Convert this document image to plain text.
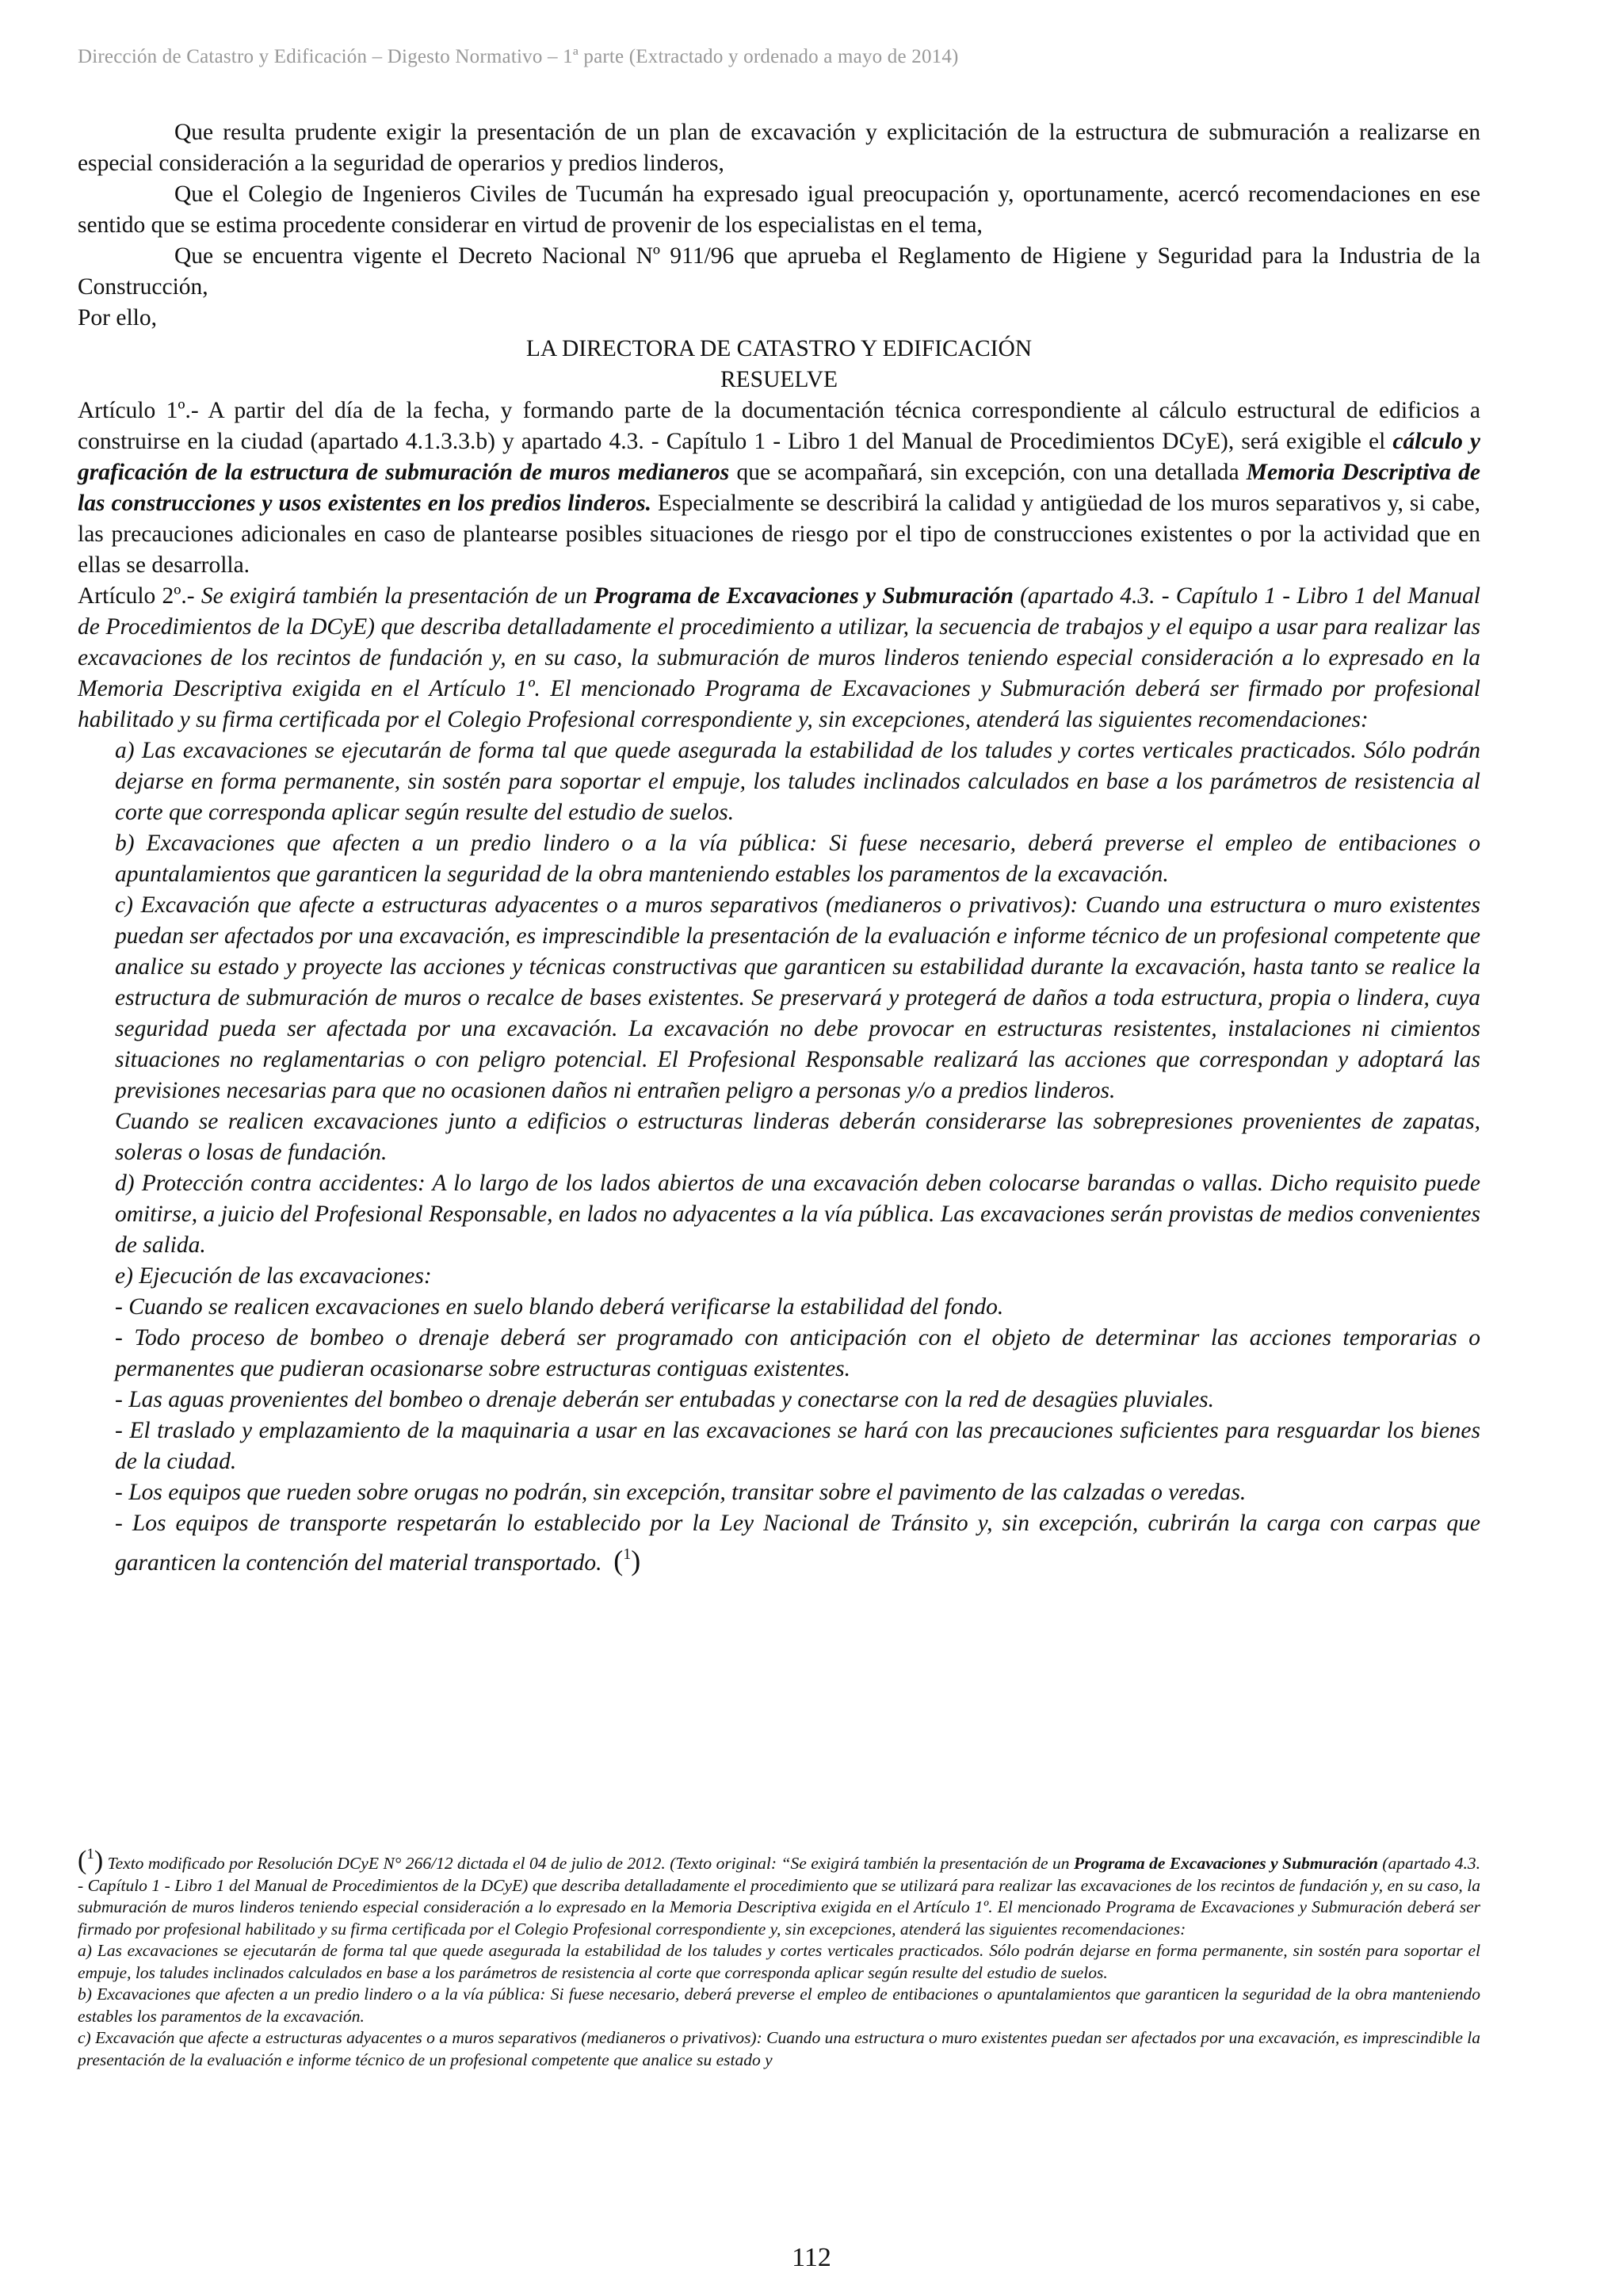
Dirección de Catastro y Edificación – Digesto Normativo – 1ª parte (Extractado y ordenado a mayo de 2014)

Que resulta prudente exigir la presentación de un plan de excavación y explicitación de la estructura de submuración a realizarse en especial consideración a la seguridad de operarios y predios linderos,

Que el Colegio de Ingenieros Civiles de Tucumán ha expresado igual preocupación y, oportunamente, acercó recomendaciones en ese sentido que se estima procedente considerar en virtud de provenir de los especialistas en el tema,

Que se encuentra vigente el Decreto Nacional Nº 911/96 que aprueba el Reglamento de Higiene y Seguridad para la Industria de la Construcción,

Por ello,

LA DIRECTORA DE CATASTRO Y EDIFICACIÓN

RESUELVE

Artículo 1º.- A partir del día de la fecha, y formando parte de la documentación técnica correspondiente al cálculo estructural de edificios a construirse en la ciudad (apartado 4.1.3.3.b) y apartado 4.3. - Capítulo 1 - Libro 1 del Manual de Procedimientos DCyE), será exigible el cálculo y graficación de la estructura de submuración de muros medianeros que se acompañará, sin excepción, con una detallada Memoria Descriptiva de las construcciones y usos existentes en los predios linderos. Especialmente se describirá la calidad y antigüedad de los muros separativos y, si cabe, las precauciones adicionales en caso de plantearse posibles situaciones de riesgo por el tipo de construcciones existentes o por la actividad que en ellas se desarrolla.

Artículo 2º.- Se exigirá también la presentación de un Programa de Excavaciones y Submuración (apartado 4.3. - Capítulo 1 - Libro 1 del Manual de Procedimientos de la DCyE) que describa detalladamente el procedimiento a utilizar, la secuencia de trabajos y el equipo a usar para realizar las excavaciones de los recintos de fundación y, en su caso, la submuración de muros linderos teniendo especial consideración a lo expresado en la Memoria Descriptiva exigida en el Artículo 1º. El mencionado Programa de Excavaciones y Submuración deberá ser firmado por profesional habilitado y su firma certificada por el Colegio Profesional correspondiente y, sin excepciones, atenderá las siguientes recomendaciones:

a) Las excavaciones se ejecutarán de forma tal que quede asegurada la estabilidad de los taludes y cortes verticales practicados. Sólo podrán dejarse en forma permanente, sin sostén para soportar el empuje, los taludes inclinados calculados en base a los parámetros de resistencia al corte que corresponda aplicar según resulte del estudio de suelos.

b) Excavaciones que afecten a un predio lindero o a la vía pública: Si fuese necesario, deberá preverse el empleo de entibaciones o apuntalamientos que garanticen la seguridad de la obra manteniendo estables los paramentos de la excavación.

c) Excavación que afecte a estructuras adyacentes o a muros separativos (medianeros o privativos): Cuando una estructura o muro existentes puedan ser afectados por una excavación, es imprescindible la presentación de la evaluación e informe técnico de un profesional competente que analice su estado y proyecte las acciones y técnicas constructivas que garanticen su estabilidad durante la excavación, hasta tanto se realice la estructura de submuración de muros o recalce de bases existentes. Se preservará y protegerá de daños a toda estructura, propia o lindera, cuya seguridad pueda ser afectada por una excavación. La excavación no debe provocar en estructuras resistentes, instalaciones ni cimientos situaciones no reglamentarias o con peligro potencial. El Profesional Responsable realizará las acciones que correspondan y adoptará las previsiones necesarias para que no ocasionen daños ni entrañen peligro a personas y/o a predios linderos.

Cuando se realicen excavaciones junto a edificios o estructuras linderas deberán considerarse las sobrepresiones provenientes de zapatas, soleras o losas de fundación.

d) Protección contra accidentes: A lo largo de los lados abiertos de una excavación deben colocarse barandas o vallas. Dicho requisito puede omitirse, a juicio del Profesional Responsable, en lados no adyacentes a la vía pública. Las excavaciones serán provistas de medios convenientes de salida.

e) Ejecución de las excavaciones:

- Cuando se realicen excavaciones en suelo blando deberá verificarse la estabilidad del fondo.

- Todo proceso de bombeo o drenaje deberá ser programado con anticipación con el objeto de determinar las acciones temporarias o permanentes que pudieran ocasionarse sobre estructuras contiguas existentes.

- Las aguas provenientes del bombeo o drenaje deberán ser entubadas y conectarse con la red de desagües pluviales.

- El traslado y emplazamiento de la maquinaria a usar en las excavaciones se hará con las precauciones suficientes para resguardar los bienes de la ciudad.

- Los equipos que rueden sobre orugas no podrán, sin excepción, transitar sobre el pavimento de las calzadas o veredas.

- Los equipos de transporte respetarán lo establecido por la Ley Nacional de Tránsito y, sin excepción, cubrirán la carga con carpas que garanticen la contención del material transportado. ($^1$)

($^1$) Texto modificado por Resolución DCyE N° 266/12 dictada el 04 de julio de 2012. (Texto original: “Se exigirá también la presentación de un Programa de Excavaciones y Submuración (apartado 4.3. - Capítulo 1 - Libro 1 del Manual de Procedimientos de la DCyE) que describa detalladamente el procedimiento que se utilizará para realizar las excavaciones de los recintos de fundación y, en su caso, la submuración de muros linderos teniendo especial consideración a lo expresado en la Memoria Descriptiva exigida en el Artículo 1º. El mencionado Programa de Excavaciones y Submuración deberá ser firmado por profesional habilitado y su firma certificada por el Colegio Profesional correspondiente y, sin excepciones, atenderá las siguientes recomendaciones:

a) Las excavaciones se ejecutarán de forma tal que quede asegurada la estabilidad de los taludes y cortes verticales practicados. Sólo podrán dejarse en forma permanente, sin sostén para soportar el empuje, los taludes inclinados calculados en base a los parámetros de resistencia al corte que corresponda aplicar según resulte del estudio de suelos.

b) Excavaciones que afecten a un predio lindero o a la vía pública: Si fuese necesario, deberá preverse el empleo de entibaciones o apuntalamientos que garanticen la seguridad de la obra manteniendo estables los paramentos de la excavación.

c) Excavación que afecte a estructuras adyacentes o a muros separativos (medianeros o privativos): Cuando una estructura o muro existentes puedan ser afectados por una excavación, es imprescindible la presentación de la evaluación e informe técnico de un profesional competente que analice su estado y

112
